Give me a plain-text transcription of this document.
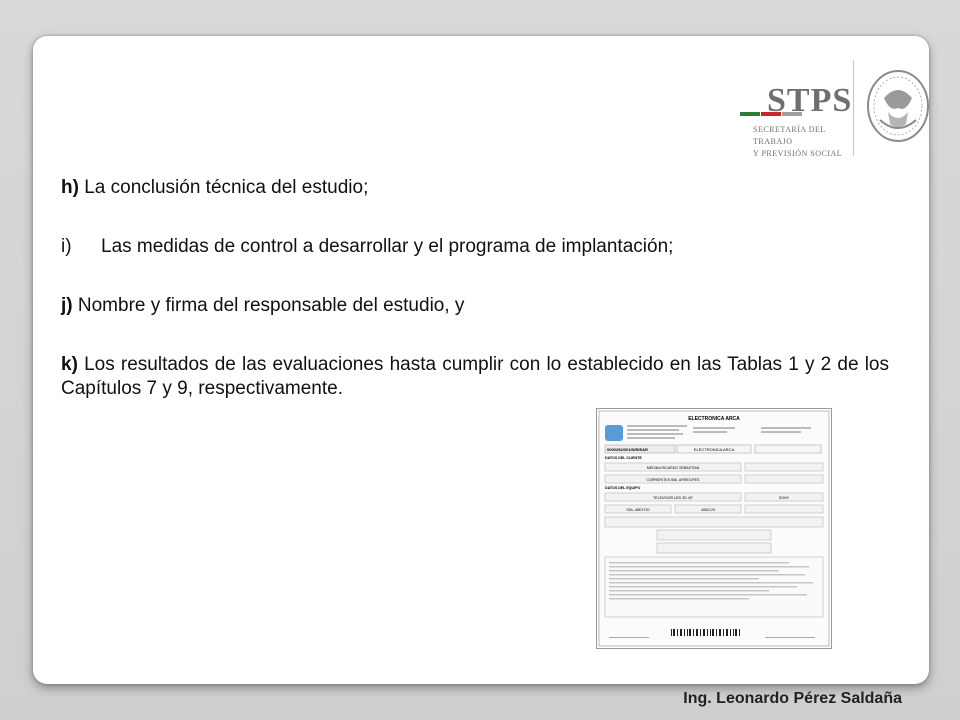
STPS
SECRETARÍA DEL TRABAJO
Y PREVISIÓN SOCIAL

h) La conclusión técnica del estudio;

i)	Las medidas de control a desarrollar y el programa de implantación;

j) Nombre y firma del responsable del estudio, y

k) Los resultados de las evaluaciones hasta cumplir con lo establecido en las Tablas 1 y 2 de los Capítulos 7 y 9, respectivamente.

ELECTRONICA ARCA
0000252/001/DIR/EAR	ELECTRONICA ARCA
DATOS DEL CLIENTE
MEDINA RICARDO SEBASTIAN
CORRIENTES 666, ARRECIFES
DATOS DEL EQUIPO
TELEVISOR LED 3D 40"	SONY
KDL-46EX720	4062176
Ing. Leonardo Pérez Saldaña
